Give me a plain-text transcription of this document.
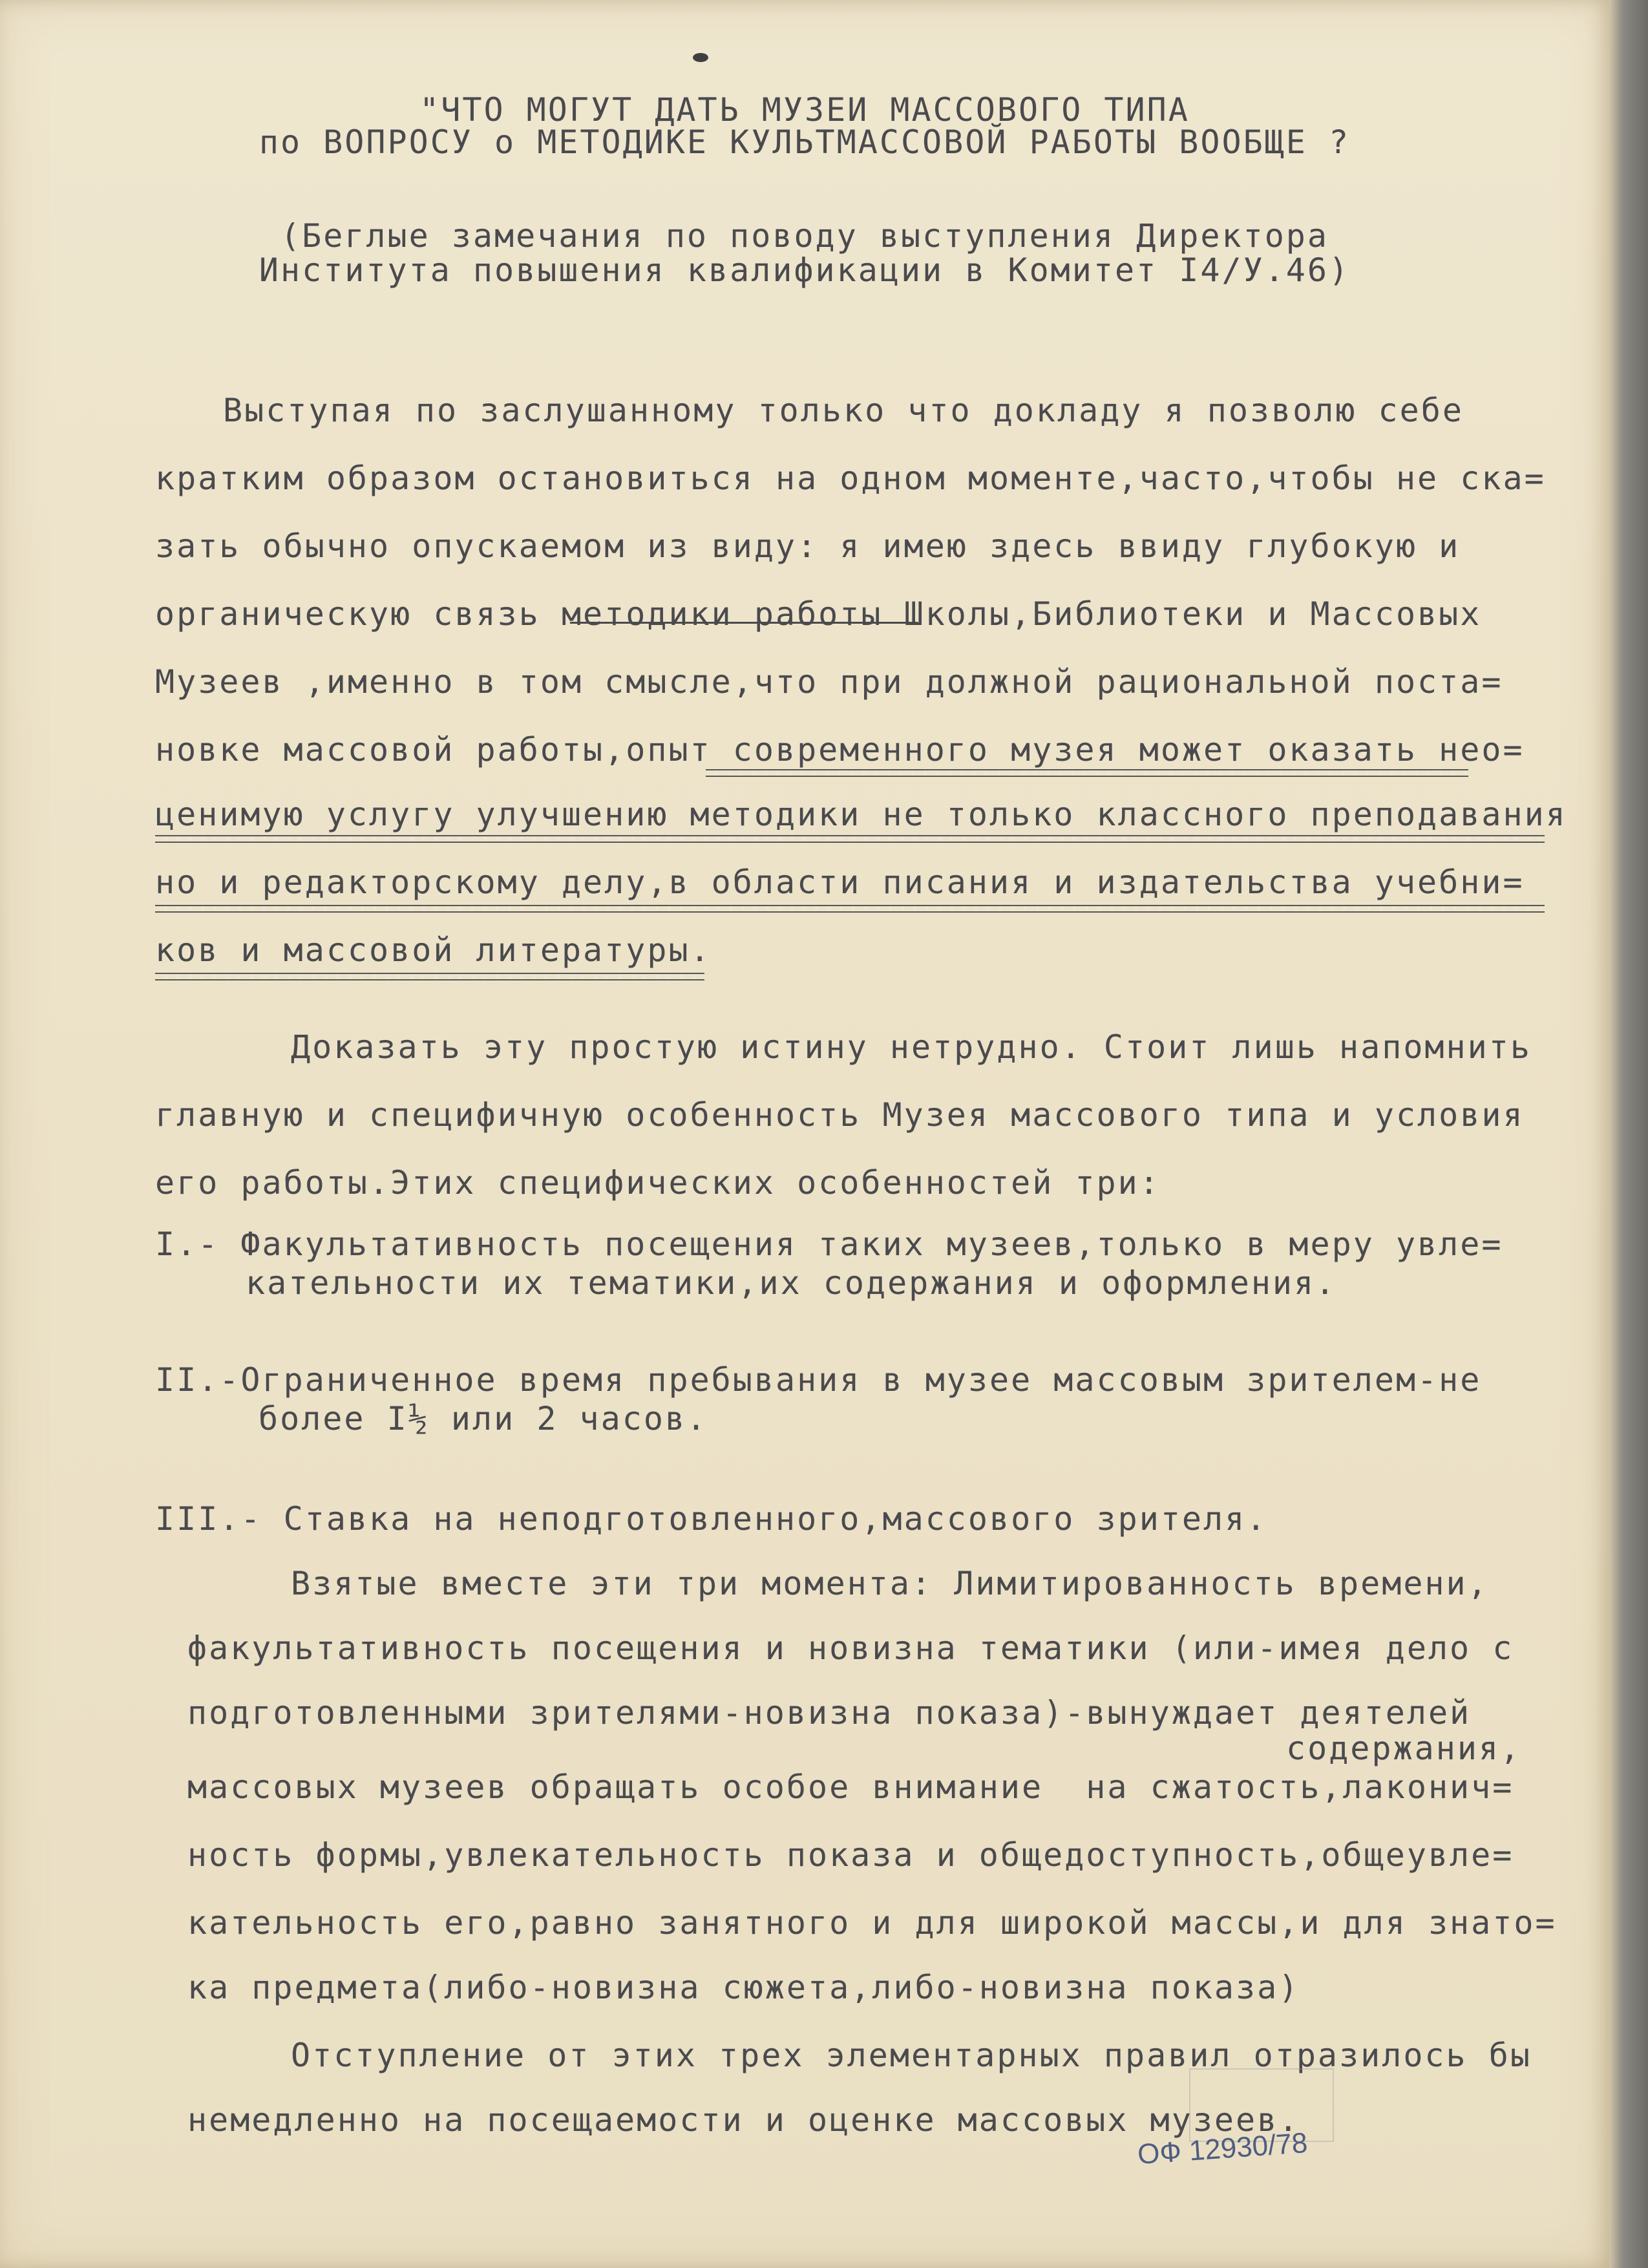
"ЧТО МОГУТ ДАТЬ МУЗЕИ МАССОВОГО ТИПА
по ВОПРОСУ о МЕТОДИКЕ КУЛЬТМАССОВОЙ РАБОТЫ ВООБЩЕ ?
(Беглые замечания по поводу выступления Директора
Института повышения квалификации в Комитет I4/У.46)
Выступая по заслушанному только что докладу я позволю себе
кратким образом остановиться на одном моменте,часто,чтобы не ска=
зать обычно опускаемом из виду: я имею здесь ввиду глубокую и
органическую связь методики работы Школы,Библиотеки и Массовых
Музеев ,именно в том смысле,что при должной рациональной поста=
новке массовой работы,опыт современного музея может оказать нео=
ценимую услугу улучшению методики не только классного преподавания
но и редакторскому делу,в области писания и издательства учебни=
ков и массовой литературы.
Доказать эту простую истину нетрудно. Стоит лишь напомнить
главную и специфичную особенность Музея массового типа и условия
его работы.Этих специфических особенностей три:
I.- Факультативность посещения таких музеев,только в меру увле=
кательности их тематики,их содержания и оформления.
II.-Ограниченное время пребывания в музее массовым зрителем-не
более I½ или 2 часов.
III.- Ставка на неподготовленного,массового зрителя.
Взятые вместе эти три момента: Лимитированность времени,
факультативность посещения и новизна тематики (или-имея дело с
подготовленными зрителями-новизна показа)-вынуждает деятелей
содержания,
массовых музеев обращать особое внимание  на сжатость,лаконич=
ность формы,увлекательность показа и общедоступность,общеувле=
кательность его,равно занятного и для широкой массы,и для знато=
ка предмета(либо-новизна сюжета,либо-новизна показа)
Отступление от этих трех элементарных правил отразилось бы
немедленно на посещаемости и оценке массовых музеев.
ОФ 12930/78
